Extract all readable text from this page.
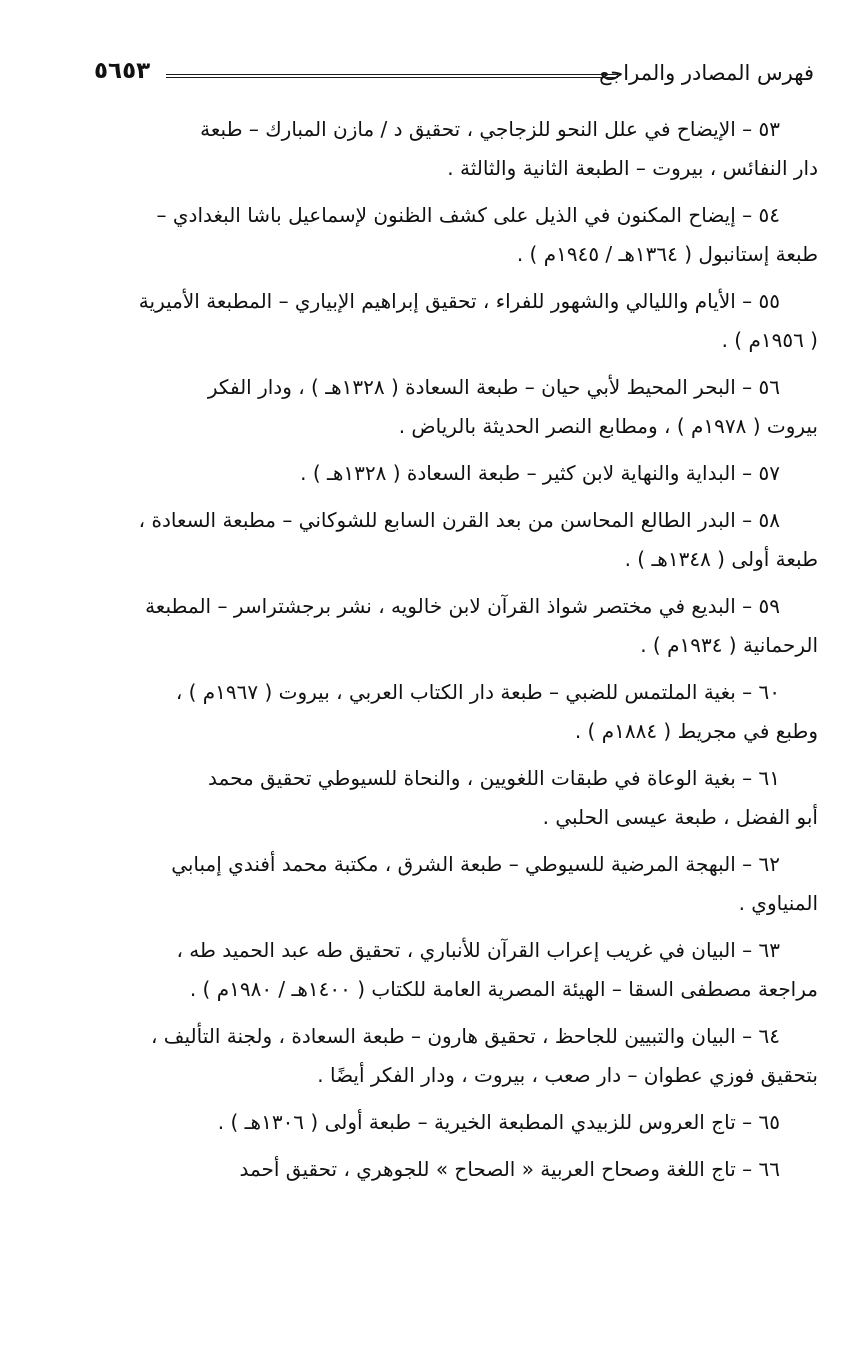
فهرس المصادر والمراجع
٥٦٥٣
٥٣ – الإيضاح في علل النحو للزجاجي ، تحقيق د / مازن المبارك – طبعة
دار النفائس ، بيروت – الطبعة الثانية والثالثة .
٥٤ – إيضاح المكنون في الذيل على كشف الظنون لإسماعيل باشا البغدادي –
طبعة إستانبول ( ١٣٦٤هـ / ١٩٤٥م ) .
٥٥ – الأيام والليالي والشهور للفراء ، تحقيق إبراهيم الإبياري – المطبعة الأميرية
( ١٩٥٦م ) .
٥٦ – البحر المحيط لأبي حيان – طبعة السعادة ( ١٣٢٨هـ ) ، ودار الفكر
بيروت ( ١٩٧٨م ) ، ومطابع النصر الحديثة بالرياض .
٥٧ – البداية والنهاية لابن كثير – طبعة السعادة ( ١٣٢٨هـ ) .
٥٨ – البدر الطالع المحاسن من بعد القرن السابع للشوكاني – مطبعة السعادة ،
طبعة أولى ( ١٣٤٨هـ ) .
٥٩ – البديع في مختصر شواذ القرآن لابن خالويه ، نشر برجشتراسر – المطبعة
الرحمانية ( ١٩٣٤م ) .
٦٠ – بغية الملتمس للضبي – طبعة دار الكتاب العربي ، بيروت ( ١٩٦٧م ) ،
وطبع في مجريط ( ١٨٨٤م ) .
٦١ – بغية الوعاة في طبقات اللغويين ، والنحاة للسيوطي تحقيق محمد
أبو الفضل ، طبعة عيسى الحلبي .
٦٢ – البهجة المرضية للسيوطي – طبعة الشرق ، مكتبة محمد أفندي إمبابي
المنياوي .
٦٣ – البيان في غريب إعراب القرآن للأنباري ، تحقيق طه عبد الحميد طه ،
مراجعة مصطفى السقا – الهيئة المصرية العامة للكتاب ( ١٤٠٠هـ / ١٩٨٠م ) .
٦٤ – البيان والتبيين للجاحظ ، تحقيق هارون – طبعة السعادة ، ولجنة التأليف ،
بتحقيق فوزي عطوان – دار صعب ، بيروت ، ودار الفكر أيضًا .
٦٥ – تاج العروس للزبيدي المطبعة الخيرية – طبعة أولى ( ١٣٠٦هـ ) .
٦٦ – تاج اللغة وصحاح العربية « الصحاح » للجوهري ، تحقيق أحمد
